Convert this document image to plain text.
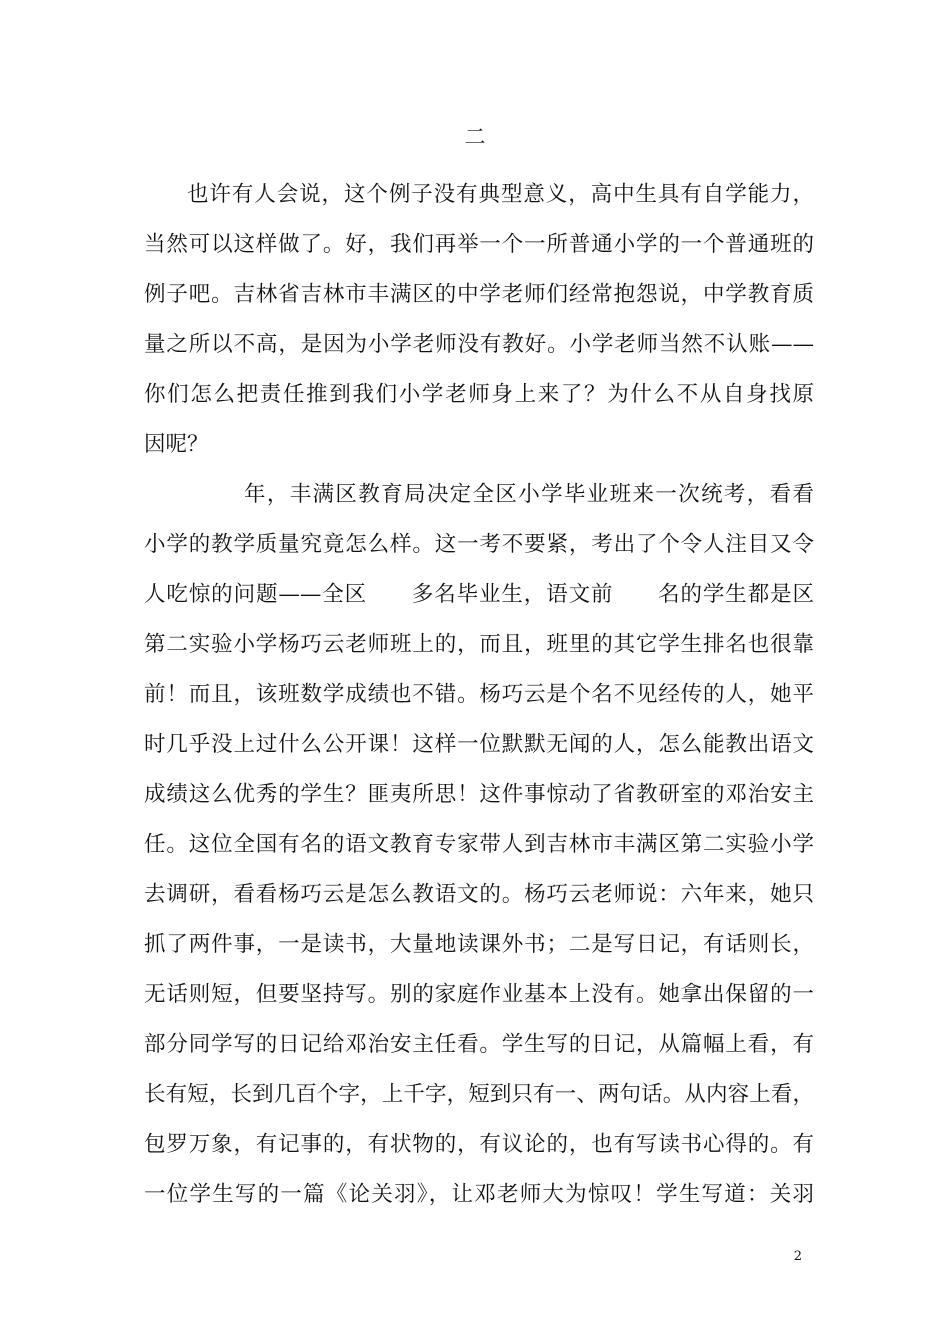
二
也许有人会说，这个例子没有典型意义，高中生具有自学能力，
当然可以这样做了。好，我们再举一个一所普通小学的一个普通班的
例子吧。吉林省吉林市丰满区的中学老师们经常抱怨说，中学教育质
量之所以不高，是因为小学老师没有教好。小学老师当然不认账——
你们怎么把责任推到我们小学老师身上来了？为什么不从自身找原
因呢？
年，丰满区教育局决定全区小学毕业班来一次统考，看看
小学的教学质量究竟怎么样。这一考不要紧，考出了个令人注目又令
人吃惊的问题——全区　　多名毕业生，语文前　　名的学生都是区
第二实验小学杨巧云老师班上的，而且，班里的其它学生排名也很靠
前！而且，该班数学成绩也不错。杨巧云是个名不见经传的人，她平
时几乎没上过什么公开课！这样一位默默无闻的人，怎么能教出语文
成绩这么优秀的学生？匪夷所思！这件事惊动了省教研室的邓治安主
任。这位全国有名的语文教育专家带人到吉林市丰满区第二实验小学
去调研，看看杨巧云是怎么教语文的。杨巧云老师说：六年来，她只
抓了两件事，一是读书，大量地读课外书；二是写日记，有话则长，
无话则短，但要坚持写。别的家庭作业基本上没有。她拿出保留的一
部分同学写的日记给邓治安主任看。学生写的日记，从篇幅上看，有
长有短，长到几百个字，上千字，短到只有一、两句话。从内容上看，
包罗万象，有记事的，有状物的，有议论的，也有写读书心得的。有
一位学生写的一篇《论关羽》，让邓老师大为惊叹！学生写道：关羽
2
